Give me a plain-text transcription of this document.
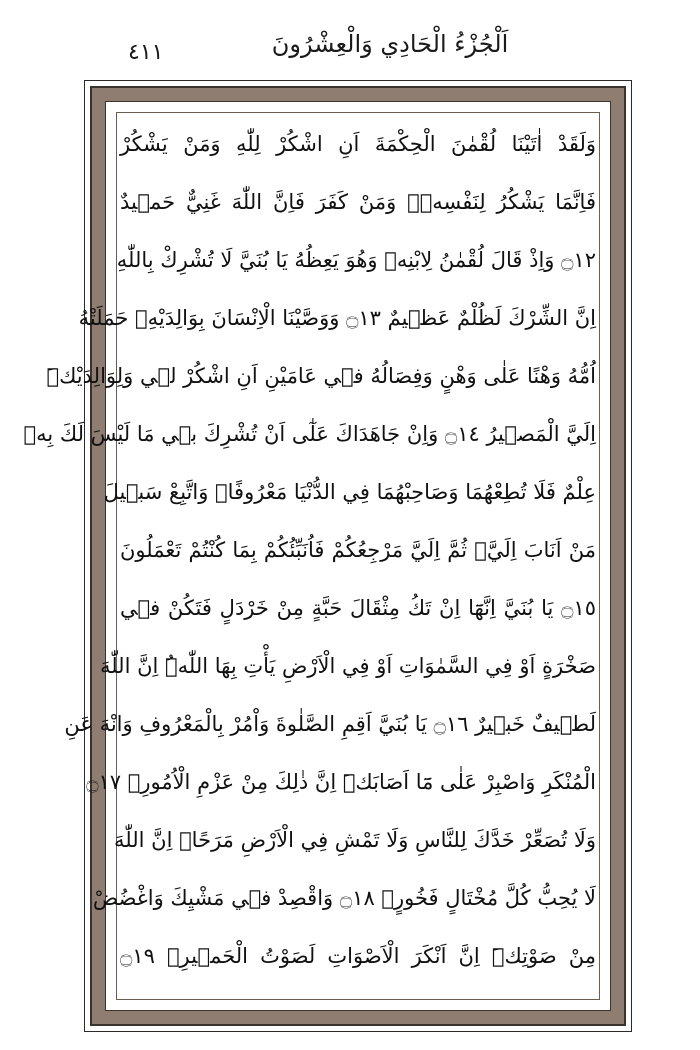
٤١١	اَلْجُزْءُ الْحَادِي وَالْعِشْرُونَ
وَلَقَدْ اٰتَيْنَا لُقْمٰنَ الْحِكْمَةَ اَنِ اشْكُرْ لِلّٰهِ وَمَنْ يَشْكُرْ
فَاِنَّمَا يَشْكُرُ لِنَفْسِه۪ۚ وَمَنْ كَفَرَ فَاِنَّ اللّٰهَ غَنِيٌّ حَم۪يدٌ
۝١٢ وَاِذْ قَالَ لُقْمٰنُ لِابْنِه۪ وَهُوَ يَعِظُهُ يَا بُنَيَّ لَا تُشْرِكْ بِاللّٰهِ
اِنَّ الشِّرْكَ لَظُلْمٌ عَظ۪يمٌ ۝١٣ وَوَصَّيْنَا الْاِنْسَانَ بِوَالِدَيْهِۚ حَمَلَتْهُ
اُمُّهُ وَهْنًا عَلٰى وَهْنٍ وَفِصَالُهُ ف۪ي عَامَيْنِ اَنِ اشْكُرْ ل۪ي وَلِوَالِدَيْكَۜ
اِلَيَّ الْمَص۪يرُ ۝١٤ وَاِنْ جَاهَدَاكَ عَلٰٓى اَنْ تُشْرِكَ ب۪ي مَا لَيْسَ لَكَ بِه۪
عِلْمٌ فَلَا تُطِعْهُمَا وَصَاحِبْهُمَا فِي الدُّنْيَا مَعْرُوفًاۘ وَاتَّبِعْ سَب۪يلَ
مَنْ اَنَابَ اِلَيَّۚ ثُمَّ اِلَيَّ مَرْجِعُكُمْ فَاُنَبِّئُكُمْ بِمَا كُنْتُمْ تَعْمَلُونَ
۝١٥ يَا بُنَيَّ اِنَّهَٓا اِنْ تَكُ مِثْقَالَ حَبَّةٍ مِنْ خَرْدَلٍ فَتَكُنْ ف۪ي
صَخْرَةٍ اَوْ فِي السَّمٰوَاتِ اَوْ فِي الْاَرْضِ يَأْتِ بِهَا اللّٰهُۜ اِنَّ اللّٰهَ
لَط۪يفٌ خَب۪يرٌ ۝١٦ يَا بُنَيَّ اَقِمِ الصَّلٰوةَ وَاْمُرْ بِالْمَعْرُوفِ وَانْهَ عَنِ
الْمُنْكَرِ وَاصْبِرْ عَلٰى مَٓا اَصَابَكَۜ اِنَّ ذٰلِكَ مِنْ عَزْمِ الْاُمُورِۚ ۝١٧
وَلَا تُصَعِّرْ خَدَّكَ لِلنَّاسِ وَلَا تَمْشِ فِي الْاَرْضِ مَرَحًاۜ اِنَّ اللّٰهَ
لَا يُحِبُّ كُلَّ مُخْتَالٍ فَخُورٍۚ ۝١٨ وَاقْصِدْ ف۪ي مَشْيِكَ وَاغْضُضْ
مِنْ صَوْتِكَۜ اِنَّ اَنْكَرَ الْاَصْوَاتِ لَصَوْتُ الْحَم۪يرِ۟ ۝١٩
